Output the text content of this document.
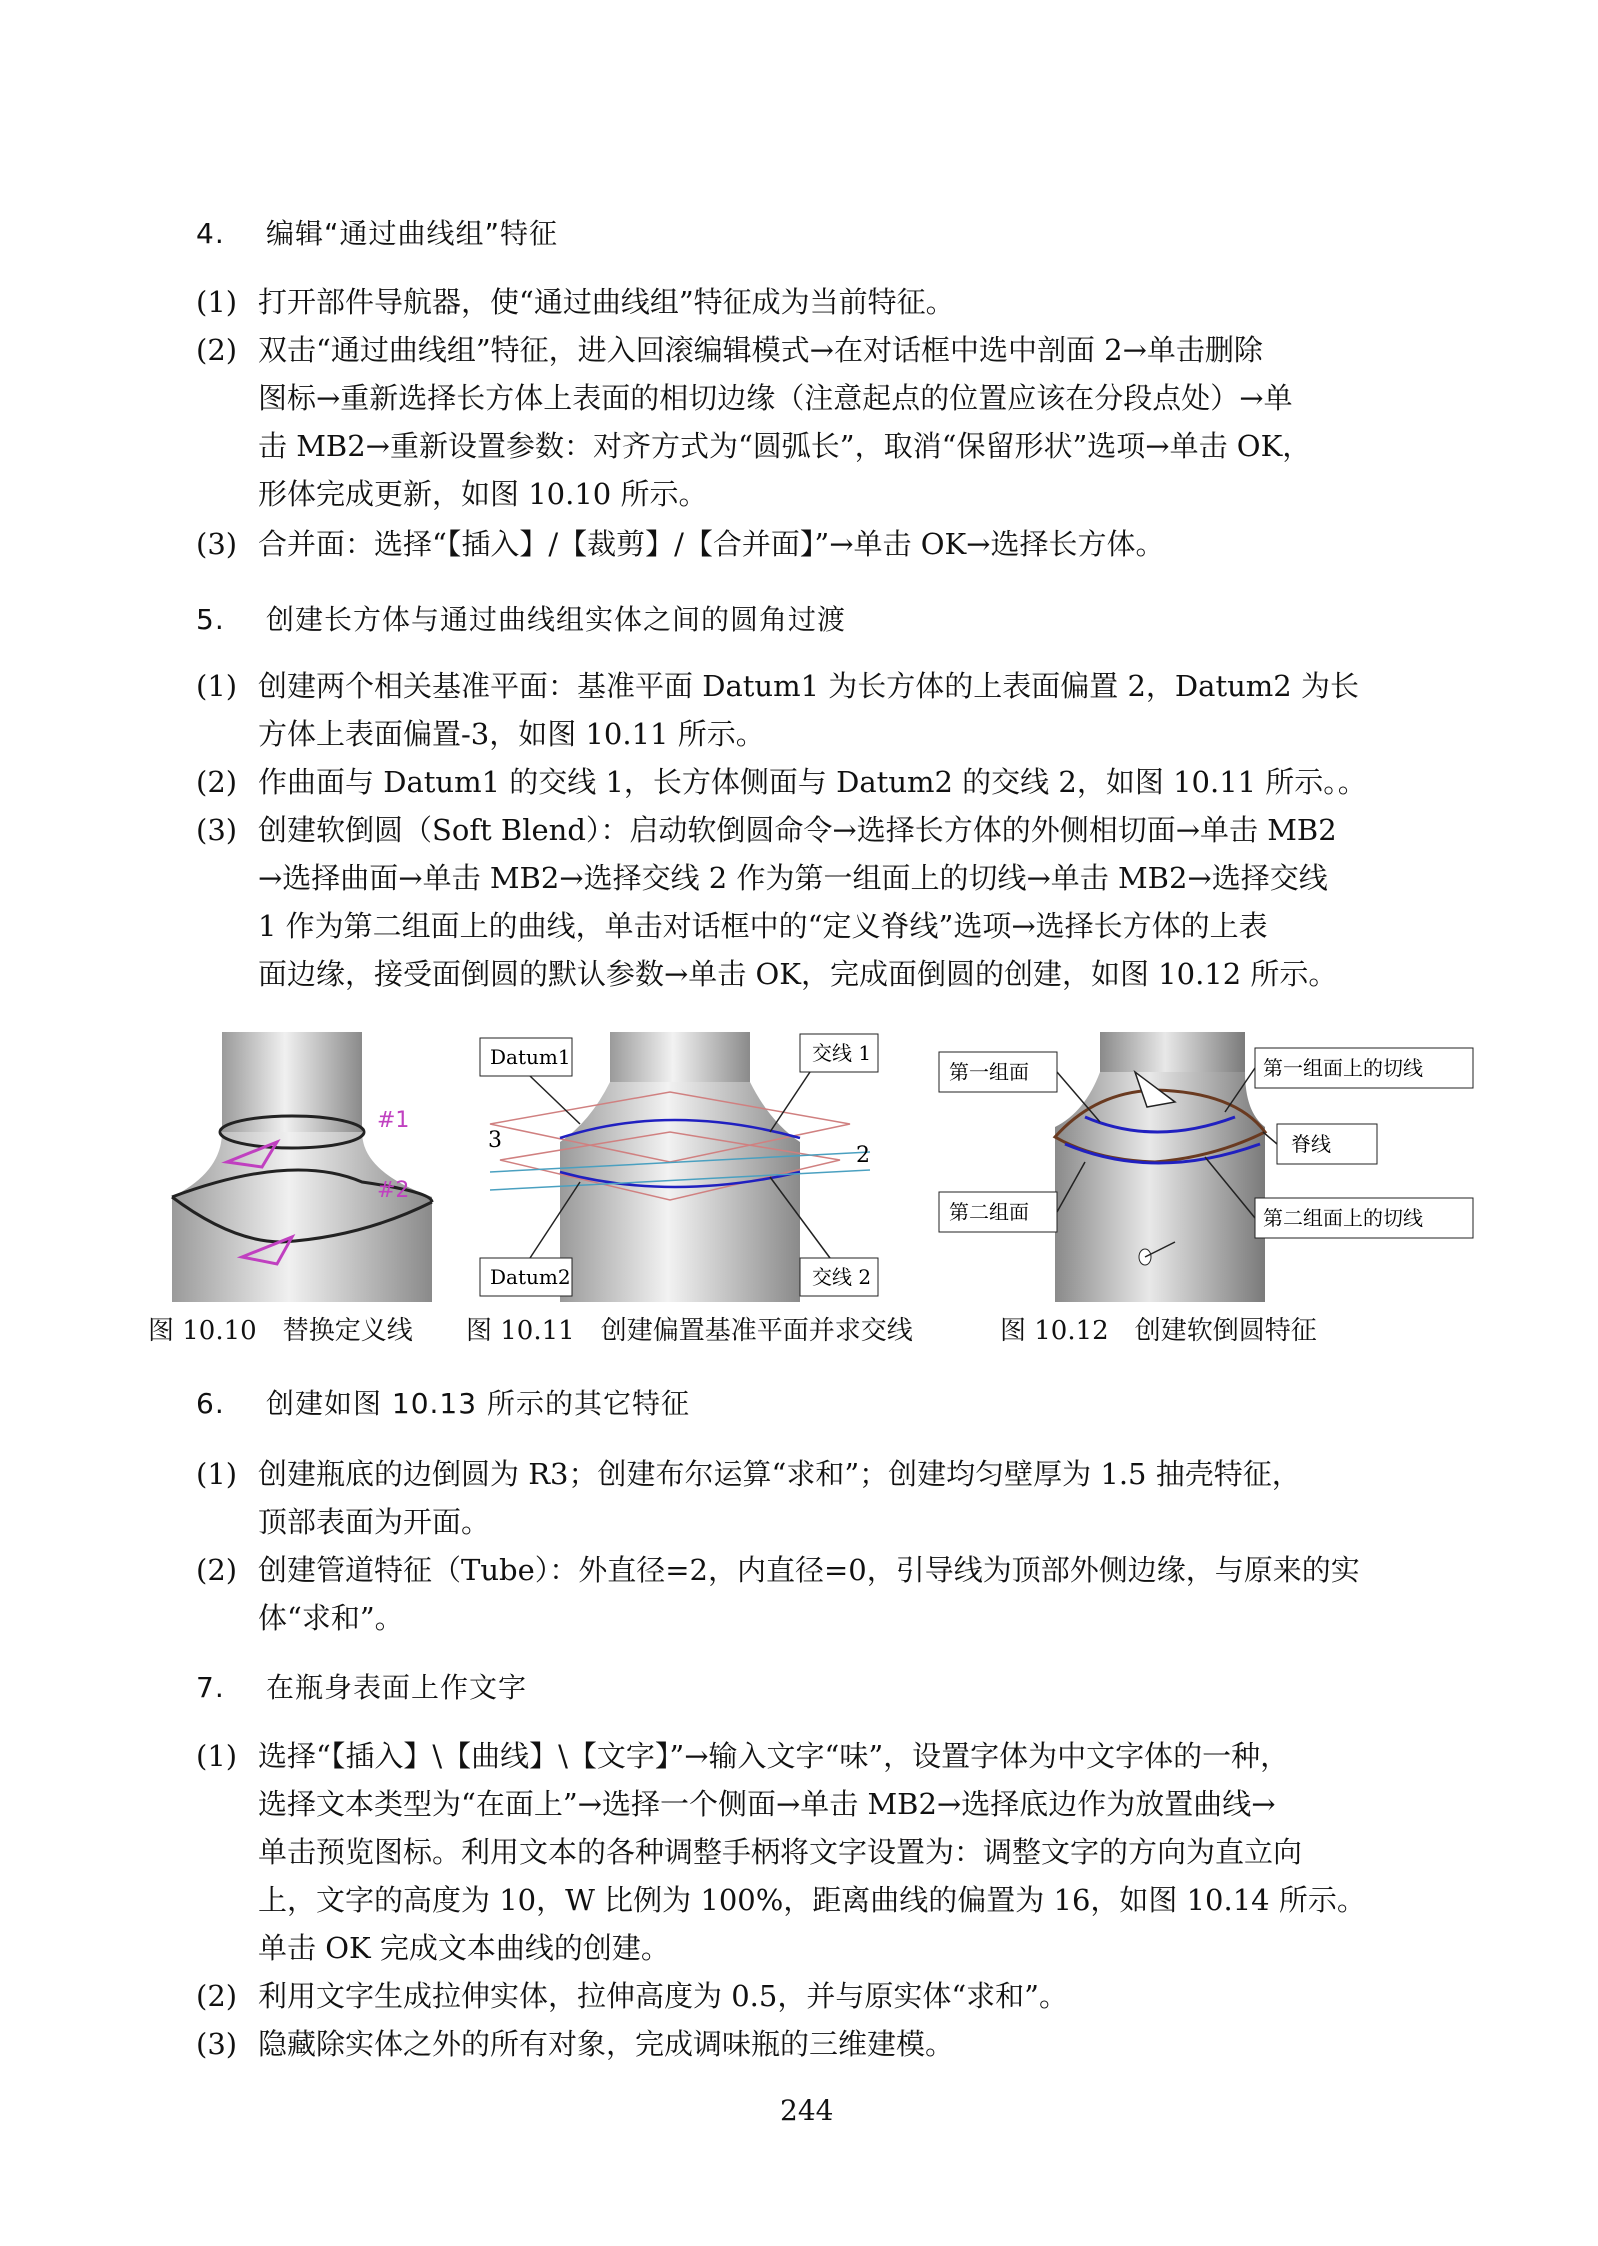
4. 编辑“通过曲线组”特征
(1) 打开部件导航器，使“通过曲线组”特征成为当前特征。
(2) 双击“通过曲线组”特征，进入回滚编辑模式→在对话框中选中剖面 2→单击删除
图标→重新选择长方体上表面的相切边缘（注意起点的位置应该在分段点处）→单
击 MB2→重新设置参数：对齐方式为“圆弧长”，取消“保留形状”选项→单击 OK，
形体完成更新，如图 10.10 所示。
(3) 合并面：选择“【插入】/【裁剪】/【合并面】”→单击 OK→选择长方体。
5. 创建长方体与通过曲线组实体之间的圆角过渡
(1) 创建两个相关基准平面：基准平面 Datum1 为长方体的上表面偏置 2，Datum2 为长
方体上表面偏置-3，如图 10.11 所示。
(2) 作曲面与 Datum1 的交线 1，长方体侧面与 Datum2 的交线 2，如图 10.11 所示。。
(3) 创建软倒圆（Soft Blend）：启动软倒圆命令→选择长方体的外侧相切面→单击 MB2
→选择曲面→单击 MB2→选择交线 2 作为第一组面上的切线→单击 MB2→选择交线
1 作为第二组面上的曲线，单击对话框中的“定义脊线”选项→选择长方体的上表
面边缘，接受面倒圆的默认参数→单击 OK，完成面倒圆的创建，如图 10.12 所示。
#1
#2
Datum1
Datum2
交线 1
交线 2
3
2
第一组面
第二组面
第一组面上的切线
脊线
第二组面上的切线
图 10.10　替换定义线 图 10.11　创建偏置基准平面并求交线	图 10.12　创建软倒圆特征
6. 创建如图 10.13 所示的其它特征
(1) 创建瓶底的边倒圆为 R3；创建布尔运算“求和”；创建均匀壁厚为 1.5 抽壳特征，
顶部表面为开面。
(2) 创建管道特征（Tube）：外直径=2，内直径=0，引导线为顶部外侧边缘，与原来的实
体“求和”。
7. 在瓶身表面上作文字
(1) 选择“【插入】\【曲线】\【文字】”→输入文字“味”，设置字体为中文字体的一种，
选择文本类型为“在面上”→选择一个侧面→单击 MB2→选择底边作为放置曲线→
单击预览图标。利用文本的各种调整手柄将文字设置为：调整文字的方向为直立向
上，文字的高度为 10，W 比例为 100%，距离曲线的偏置为 16，如图 10.14 所示。
单击 OK 完成文本曲线的创建。
(2) 利用文字生成拉伸实体，拉伸高度为 0.5，并与原实体“求和”。
(3) 隐藏除实体之外的所有对象，完成调味瓶的三维建模。
244
